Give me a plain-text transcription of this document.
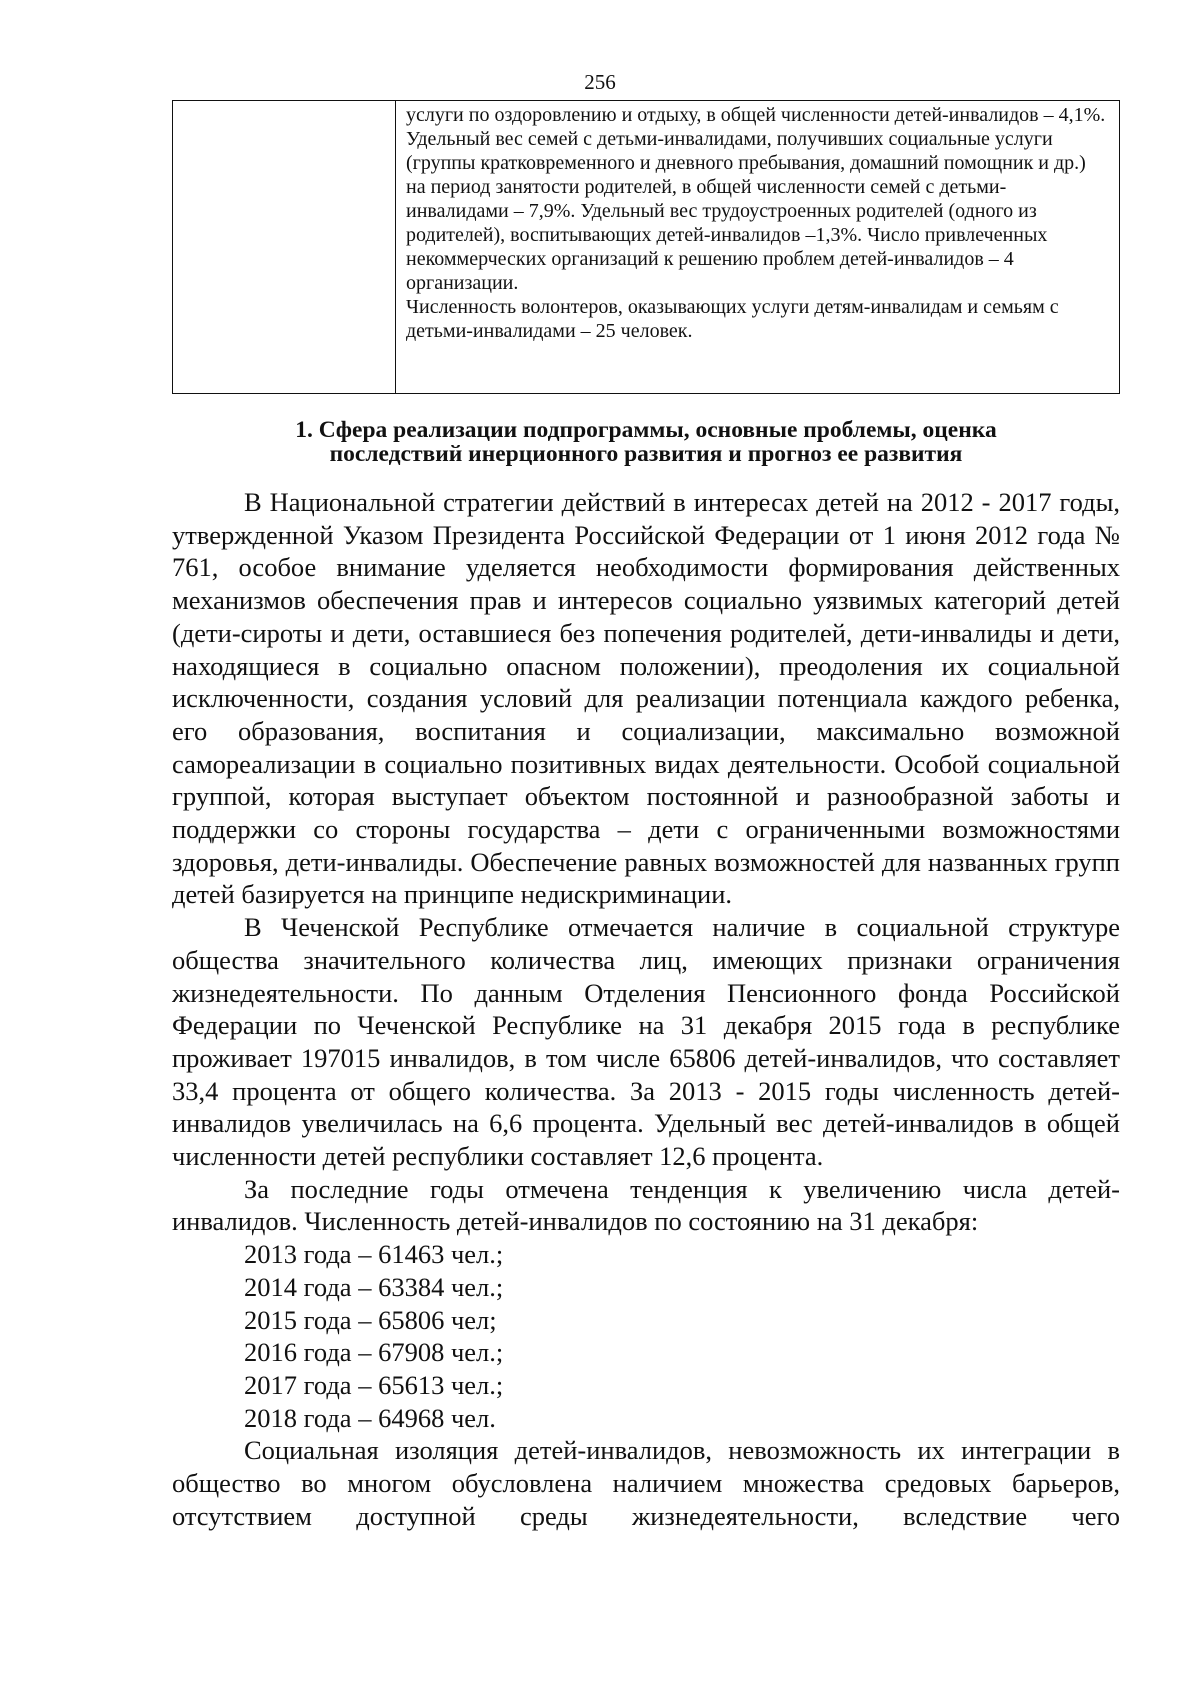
256

услуги по оздоровлению и отдыху, в общей численности детей-инвалидов – 4,1%.

Удельный вес семей с детьми-инвалидами, получивших социальные услуги (группы кратковременного и дневного пребывания, домашний помощник и др.) на период занятости родителей, в общей численности семей с детьми-инвалидами – 7,9%. Удельный вес трудоустроенных родителей (одного из родителей), воспитывающих детей-инвалидов –1,3%. Число привлеченных некоммерческих организаций к решению проблем детей-инвалидов – 4 организации.

Численность волонтеров, оказывающих услуги детям-инвалидам и семьям с детьми-инвалидами – 25 человек.

1. Сфера реализации подпрограммы, основные проблемы, оценка
последствий инерционного развития и прогноз ее развития

В Национальной стратегии действий в интересах детей на 2012 - 2017 годы, утвержденной Указом Президента Российской Федерации от 1 июня 2012 года № 761, особое внимание уделяется необходимости формирования действенных механизмов обеспечения прав и интересов социально уязвимых категорий детей (дети-сироты и дети, оставшиеся без попечения родителей, дети-инвалиды и дети, находящиеся в социально опасном положении), преодоления их социальной исключенности, создания условий для реализации потенциала каждого ребенка, его образования, воспитания и социализации, максимально возможной самореализации в социально позитивных видах деятельности. Особой социальной группой, которая выступает объектом постоянной и разнообразной заботы и поддержки со стороны государства – дети с ограниченными возможностями здоровья, дети-инвалиды. Обеспечение равных возможностей для названных групп детей базируется на принципе недискриминации.

В Чеченской Республике отмечается наличие в социальной структуре общества значительного количества лиц, имеющих признаки ограничения жизнедеятельности. По данным Отделения Пенсионного фонда Российской Федерации по Чеченской Республике на 31 декабря 2015 года в республике проживает 197015 инвалидов, в том числе 65806 детей-инвалидов, что составляет 33,4 процента от общего количества. За 2013 - 2015 годы численность детей-инвалидов увеличилась на 6,6 процента. Удельный вес детей-инвалидов в общей численности детей республики составляет 12,6 процента.

За последние годы отмечена тенденция к увеличению числа детей-инвалидов. Численность детей-инвалидов по состоянию на 31 декабря:

2013 года – 61463 чел.;
2014 года – 63384 чел.;
2015 года – 65806 чел;
2016 года – 67908 чел.;
2017 года – 65613 чел.;
2018 года – 64968 чел.

Социальная изоляция детей-инвалидов, невозможность их интеграции в общество во многом обусловлена наличием множества средовых барьеров, отсутствием доступной среды жизнедеятельности, вследствие чего
